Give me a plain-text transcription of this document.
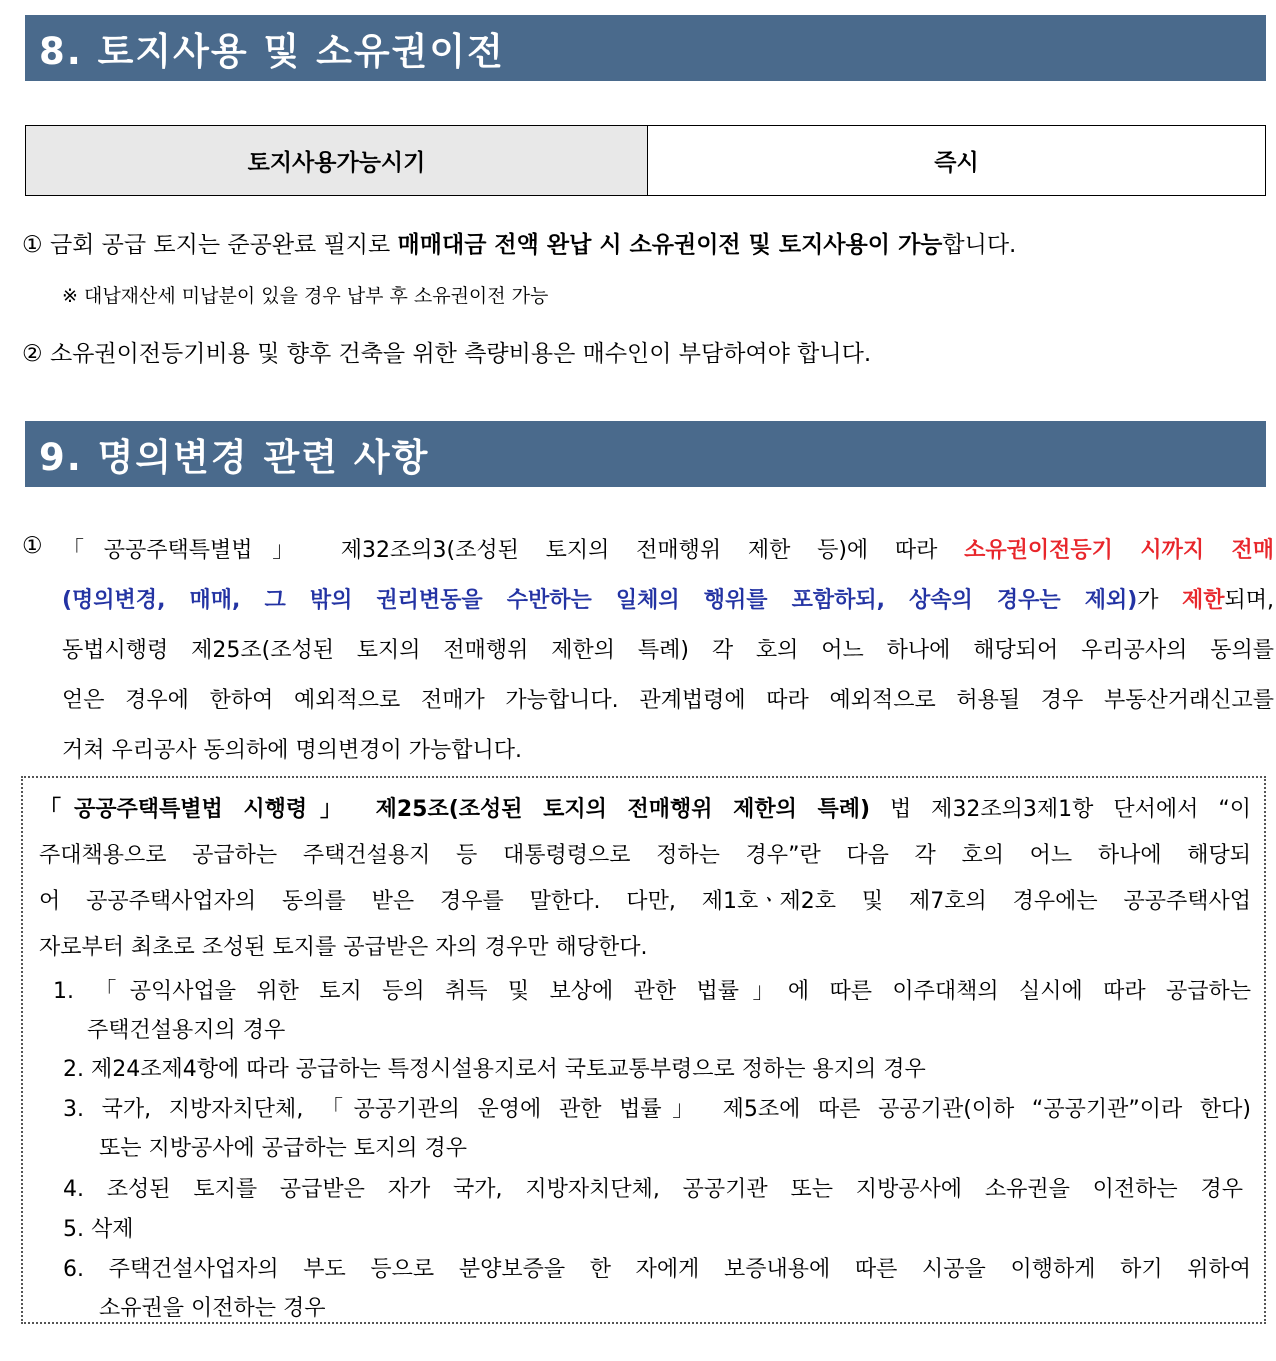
8. 토지사용 및 소유권이전
토지사용가능시기	즉시
① 금회 공급 토지는 준공완료 필지로 매매대금 전액 완납 시 소유권이전 및 토지사용이 가능합니다.
※ 대납재산세 미납분이 있을 경우 납부 후 소유권이전 가능
② 소유권이전등기비용 및 향후 건축을 위한 측량비용은 매수인이 부담하여야 합니다.
9. 명의변경 관련 사항
① 「공공주택특별법」 제32조의3(조성된 토지의 전매행위 제한 등)에 따라 소유권이전등기 시까지 전매
(명의변경, 매매, 그 밖의 권리변동을 수반하는 일체의 행위를 포함하되, 상속의 경우는 제외)가 제한되며,
동법시행령 제25조(조성된 토지의 전매행위 제한의 특례) 각 호의 어느 하나에 해당되어 우리공사의 동의를
얻은 경우에 한하여 예외적으로 전매가 가능합니다. 관계법령에 따라 예외적으로 허용될 경우 부동산거래신고를
거쳐 우리공사 동의하에 명의변경이 가능합니다.
「공공주택특별법 시행령」 제25조(조성된 토지의 전매행위 제한의 특례) 법 제32조의3제1항 단서에서 “이
주대책용으로 공급하는 주택건설용지 등 대통령령으로 정하는 경우”란 다음 각 호의 어느 하나에 해당되
어 공공주택사업자의 동의를 받은 경우를 말한다. 다만, 제1호ㆍ제2호 및 제7호의 경우에는 공공주택사업
자로부터 최초로 조성된 토지를 공급받은 자의 경우만 해당한다.
1. 「공익사업을 위한 토지 등의 취득 및 보상에 관한 법률」에 따른 이주대책의 실시에 따라 공급하는
주택건설용지의 경우
2. 제24조제4항에 따라 공급하는 특정시설용지로서 국토교통부령으로 정하는 용지의 경우
3. 국가, 지방자치단체, 「공공기관의 운영에 관한 법률」 제5조에 따른 공공기관(이하 “공공기관”이라 한다)
또는 지방공사에 공급하는 토지의 경우
4. 조성된 토지를 공급받은 자가 국가, 지방자치단체, 공공기관 또는 지방공사에 소유권을 이전하는 경우
5. 삭제
6. 주택건설사업자의 부도 등으로 분양보증을 한 자에게 보증내용에 따른 시공을 이행하게 하기 위하여
소유권을 이전하는 경우
